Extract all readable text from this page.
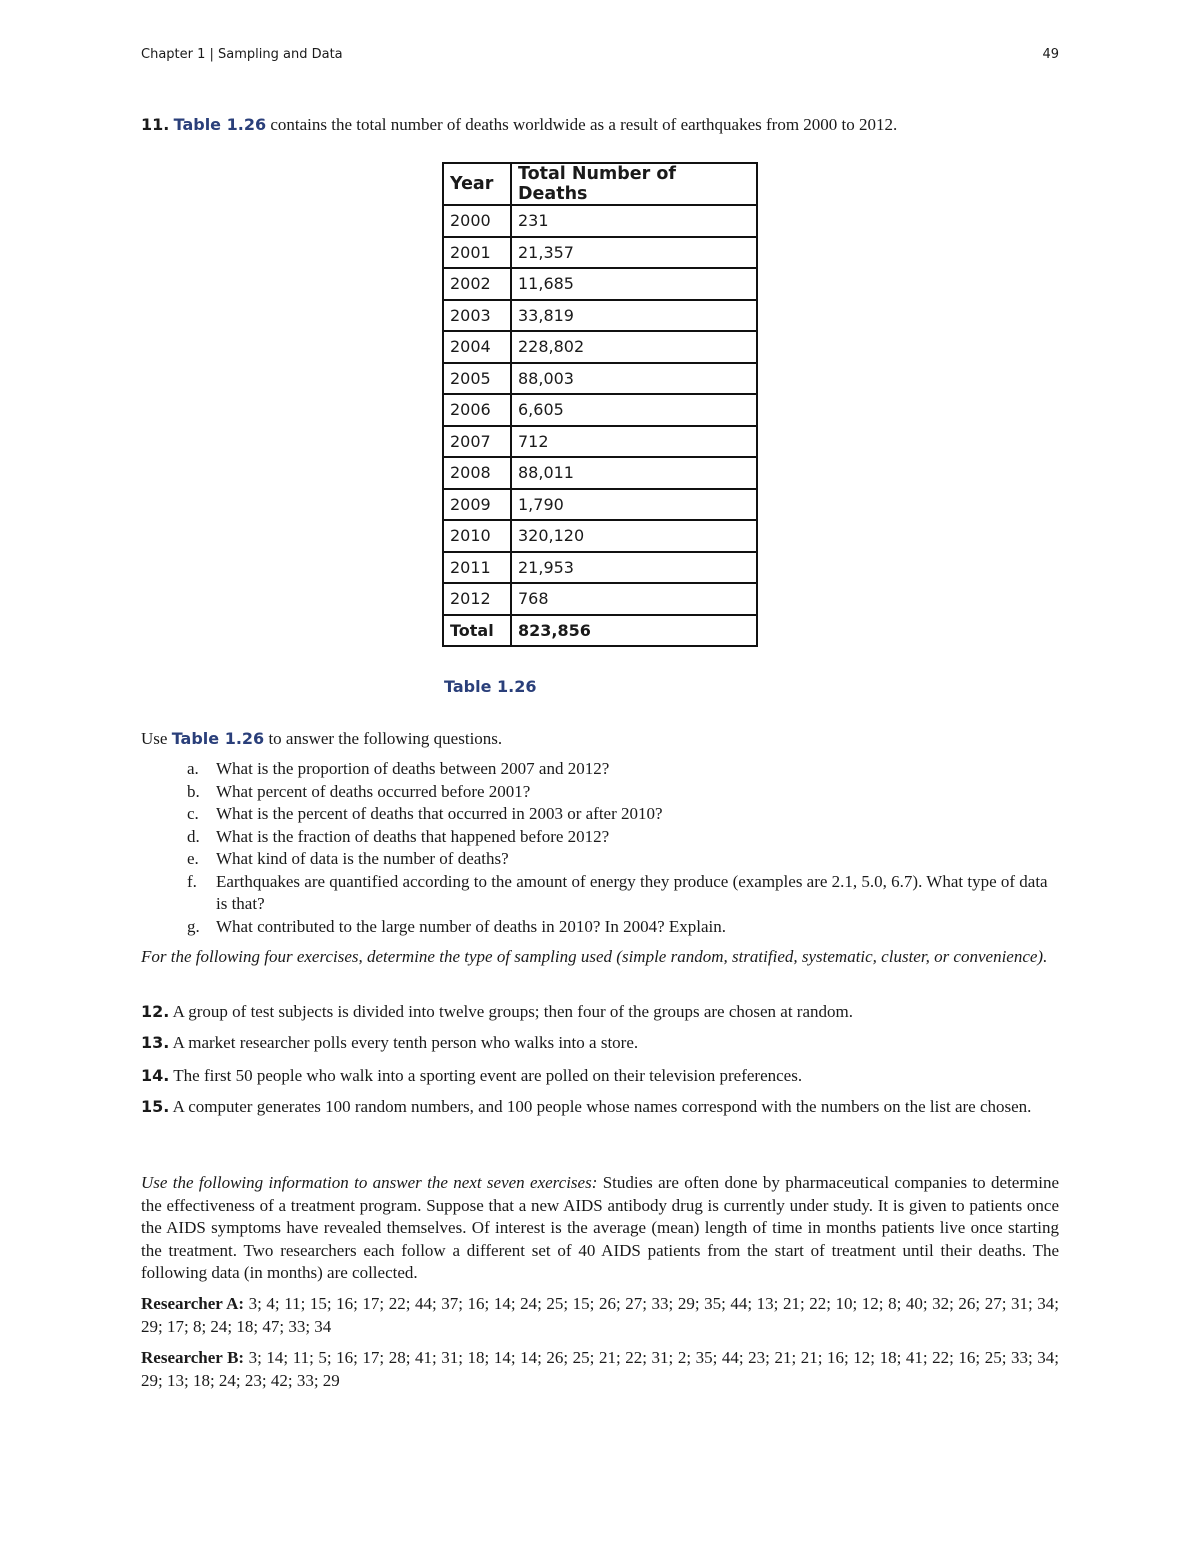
Chapter 1 | Sampling and Data	49
11. Table 1.26 contains the total number of deaths worldwide as a result of earthquakes from 2000 to 2012.
Year	Total Number of Deaths
2000	231
2001	21,357
2002	11,685
2003	33,819
2004	228,802
2005	88,003
2006	6,605
2007	712
2008	88,011
2009	1,790
2010	320,120
2011	21,953
2012	768
Total	823,856
Table 1.26
Use Table 1.26 to answer the following questions.
a. What is the proportion of deaths between 2007 and 2012?
b. What percent of deaths occurred before 2001?
c. What is the percent of deaths that occurred in 2003 or after 2010?
d. What is the fraction of deaths that happened before 2012?
e. What kind of data is the number of deaths?
f. Earthquakes are quantified according to the amount of energy they produce (examples are 2.1, 5.0, 6.7). What type of data is that?
g. What contributed to the large number of deaths in 2010? In 2004? Explain.
For the following four exercises, determine the type of sampling used (simple random, stratified, systematic, cluster, or convenience).
12. A group of test subjects is divided into twelve groups; then four of the groups are chosen at random.
13. A market researcher polls every tenth person who walks into a store.
14. The first 50 people who walk into a sporting event are polled on their television preferences.
15. A computer generates 100 random numbers, and 100 people whose names correspond with the numbers on the list are chosen.
Use the following information to answer the next seven exercises: Studies are often done by pharmaceutical companies to determine the effectiveness of a treatment program. Suppose that a new AIDS antibody drug is currently under study. It is given to patients once the AIDS symptoms have revealed themselves. Of interest is the average (mean) length of time in months patients live once starting the treatment. Two researchers each follow a different set of 40 AIDS patients from the start of treatment until their deaths. The following data (in months) are collected.
Researcher A: 3; 4; 11; 15; 16; 17; 22; 44; 37; 16; 14; 24; 25; 15; 26; 27; 33; 29; 35; 44; 13; 21; 22; 10; 12; 8; 40; 32; 26; 27; 31; 34; 29; 17; 8; 24; 18; 47; 33; 34
Researcher B: 3; 14; 11; 5; 16; 17; 28; 41; 31; 18; 14; 14; 26; 25; 21; 22; 31; 2; 35; 44; 23; 21; 21; 16; 12; 18; 41; 22; 16; 25; 33; 34; 29; 13; 18; 24; 23; 42; 33; 29
